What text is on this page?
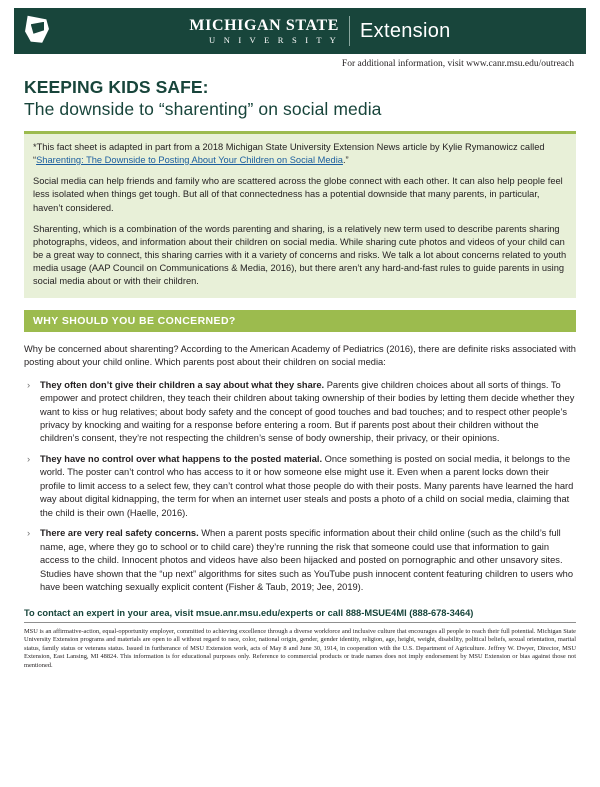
MICHIGAN STATE
U N I V E R S I T Y Extension
For additional information, visit www.canr.msu.edu/outreach
KEEPING KIDS SAFE:
The downside to “sharenting” on social media

*This fact sheet is adapted in part from a 2018 Michigan State University Extension News article by Kylie Rymanowicz called “Sharenting: The Downside to Posting About Your Children on Social Media.”

Social media can help friends and family who are scattered across the globe connect with each other. It can also help people feel less isolated when things get tough. But all of that connectedness has a potential downside that many parents, in particular, haven’t considered.

Sharenting, which is a combination of the words parenting and sharing, is a relatively new term used to describe parents sharing photographs, videos, and information about their children on social media. While sharing cute photos and videos of your child can be a great way to connect, this sharing carries with it a variety of concerns and risks. We talk a lot about concerns related to youth media usage (AAP Council on Communications & Media, 2016), but there aren’t any hard-and-fast rules to guide parents in using social media about or with their children.

WHY SHOULD YOU BE CONCERNED?

Why be concerned about sharenting? According to the American Academy of Pediatrics (2016), there are definite risks associated with posting about your child online. Which parents post about their children on social media:

› They often don’t give their children a say about what they share. Parents give children choices about all sorts of things. To empower and protect children, they teach their children about taking ownership of their bodies by letting them decide whether they want to kiss or hug relatives; about body safety and the concept of good touches and bad touches; and to respect other people’s privacy by knocking and waiting for a response before entering a room. But if parents post about their children without the children’s consent, they’re not respecting the children’s sense of body ownership, their privacy, or their opinions.
› They have no control over what happens to the posted material. Once something is posted on social media, it belongs to the world. The poster can’t control who has access to it or how someone else might use it. Even when a parent locks down their profile to limit access to a select few, they can’t control what those people do with their posts. Many parents have learned the hard way about digital kidnapping, the term for when an internet user steals and posts a photo of a child on social media, claiming that the child is their own (Haelle, 2016).
› There are very real safety concerns. When a parent posts specific information about their child online (such as the child’s full name, age, where they go to school or to child care) they’re running the risk that someone could use that information to gain access to the child. Innocent photos and videos have also been hijacked and posted on pornographic and other unsavory sites. Studies have shown that the “up next” algorithms for sites such as YouTube push innocent content featuring children to users who have been watching sexually explicit content (Fisher & Taub, 2019; Jee, 2019).
To contact an expert in your area, visit msue.anr.msu.edu/experts or call 888-MSUE4MI (888-678-3464)
MSU is an affirmative-action, equal-opportunity employer, committed to achieving excellence through a diverse workforce and inclusive culture that encourages all people to reach their full potential. Michigan State University Extension programs and materials are open to all without regard to race, color, national origin, gender, gender identity, religion, age, height, weight, disability, political beliefs, sexual orientation, marital status, family status or veterans status. Issued in furtherance of MSU Extension work, acts of May 8 and June 30, 1914, in cooperation with the U.S. Department of Agriculture. Jeffrey W. Dwyer, Director, MSU Extension, East Lansing, MI 48824. This information is for educational purposes only. Reference to commercial products or trade names does not imply endorsement by MSU Extension or bias against those not mentioned.
